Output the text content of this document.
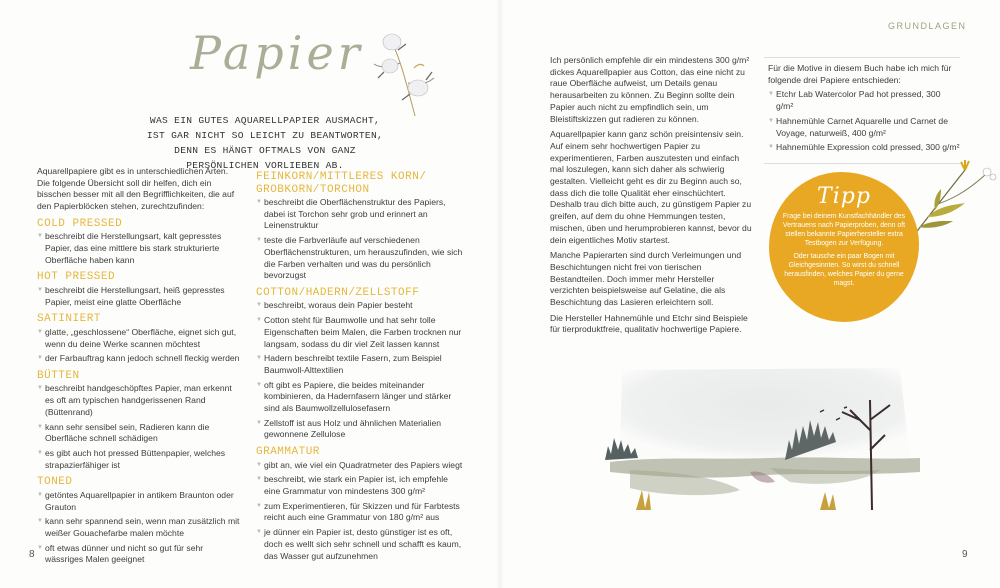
Papier
WAS EIN GUTES AQUARELLPAPIER AUSMACHT, IST GAR NICHT SO LEICHT ZU BEANTWORTEN, DENN ES HÄNGT OFTMALS VON GANZ PERSÖNLICHEN VORLIEBEN AB.

Aquarellpapiere gibt es in unterschiedlichen Arten. Die folgende Übersicht soll dir helfen, dich ein bisschen besser mit all den Begrifflichkeiten, die auf den Papierblöcken stehen, zurechtzufinden:

COLD PRESSED
▼ beschreibt die Herstellungsart, kalt gepresstes Papier, das eine mittlere bis stark strukturierte Oberfläche haben kann
HOT PRESSED
▼ beschreibt die Herstellungsart, heiß gepresstes Papier, meist eine glatte Oberfläche
SATINIERT
▼ glatte, „geschlossene“ Oberfläche, eignet sich gut, wenn du deine Werke scannen möchtest
▼ der Farbauftrag kann jedoch schnell fleckig werden
BÜTTEN
▼ beschreibt handgeschöpftes Papier, man erkennt es oft am typischen handgerissenen Rand (Büttenrand)
▼ kann sehr sensibel sein, Radieren kann die Oberfläche schnell schädigen
▼ es gibt auch hot pressed Büttenpapier, welches strapazierfähiger ist
TONED
▼ getöntes Aquarellpapier in antikem Braunton oder Grauton
▼ kann sehr spannend sein, wenn man zusätzlich mit weißer Gouachefarbe malen möchte
▼ oft etwas dünner und nicht so gut für sehr wässriges Malen geeignet
FEINKORN/MITTLERES KORN/ GROBKORN/TORCHON
▼ beschreibt die Oberflächenstruktur des Papiers, dabei ist Torchon sehr grob und erinnert an Leinenstruktur
▼ teste die Farbverläufe auf verschiedenen Oberflächenstrukturen, um herauszufinden, wie sich die Farben verhalten und was du persönlich bevorzugst
COTTON/HADERN/ZELLSTOFF
▼ beschreibt, woraus dein Papier besteht
▼ Cotton steht für Baumwolle und hat sehr tolle Eigenschaften beim Malen, die Farben trocknen nur langsam, sodass du dir viel Zeit lassen kannst
▼ Hadern beschreibt textile Fasern, zum Beispiel Baumwoll-Alttextilien
▼ oft gibt es Papiere, die beides miteinander kombinieren, da Hadernfasern länger und stärker sind als Baumwollzellulosefasern
▼ Zellstoff ist aus Holz und ähnlichen Materialien gewonnene Zellulose
GRAMMATUR
▼ gibt an, wie viel ein Quadratmeter des Papiers wiegt
▼ beschreibt, wie stark ein Papier ist, ich empfehle eine Grammatur von mindestens 300 g/m²
▼ zum Experimentieren, für Skizzen und für Farbtests reicht auch eine Grammatur von 180 g/m² aus
▼ je dünner ein Papier ist, desto günstiger ist es oft, doch es wellt sich sehr schnell und schafft es kaum, das Wasser gut aufzunehmen
8
GRUNDLAGEN

Ich persönlich empfehle dir ein mindestens 300 g/m² dickes Aquarellpapier aus Cotton, das eine nicht zu raue Oberfläche aufweist, um Details genau herausarbeiten zu können. Zu Beginn sollte dein Papier auch nicht zu empfindlich sein, um Bleistiftskizzen gut radieren zu können.

Aquarellpapier kann ganz schön preisintensiv sein. Auf einem sehr hochwertigen Papier zu experimentieren, Farben auszutesten und einfach mal loszulegen, kann sich daher als schwierig gestalten. Vielleicht geht es dir zu Beginn auch so, dass dich die tolle Qualität eher einschüchtert. Deshalb trau dich bitte auch, zu günstigem Papier zu greifen, auf dem du ohne Hemmungen testen, mischen, üben und herumprobieren kannst, bevor du dein eigentliches Motiv startest.

Manche Papierarten sind durch Verleimungen und Beschichtungen nicht frei von tierischen Bestandteilen. Doch immer mehr Hersteller verzichten beispielsweise auf Gelatine, die als Beschichtung das Lasieren erleichtern soll.

Die Hersteller Hahnemühle und Etchr sind Beispiele für tierproduktfreie, qualitativ hochwertige Papiere.

Für die Motive in diesem Buch habe ich mich für folgende drei Papiere entschieden:

▼ Etchr Lab Watercolor Pad hot pressed, 300 g/m²
▼ Hahnemühle Carnet Aquarelle und Carnet de Voyage, naturweiß, 400 g/m²
▼ Hahnemühle Expression cold pressed, 300 g/m²
Tipp

Frage bei deinem Kunstfachhändler des Vertrauens nach Papierproben, denn oft stellen bekannte Papierhersteller extra Testbogen zur Verfügung.

Oder tausche ein paar Bogen mit Gleichgesinnten. So wirst du schnell herausfinden, welches Papier du gerne magst.

9
